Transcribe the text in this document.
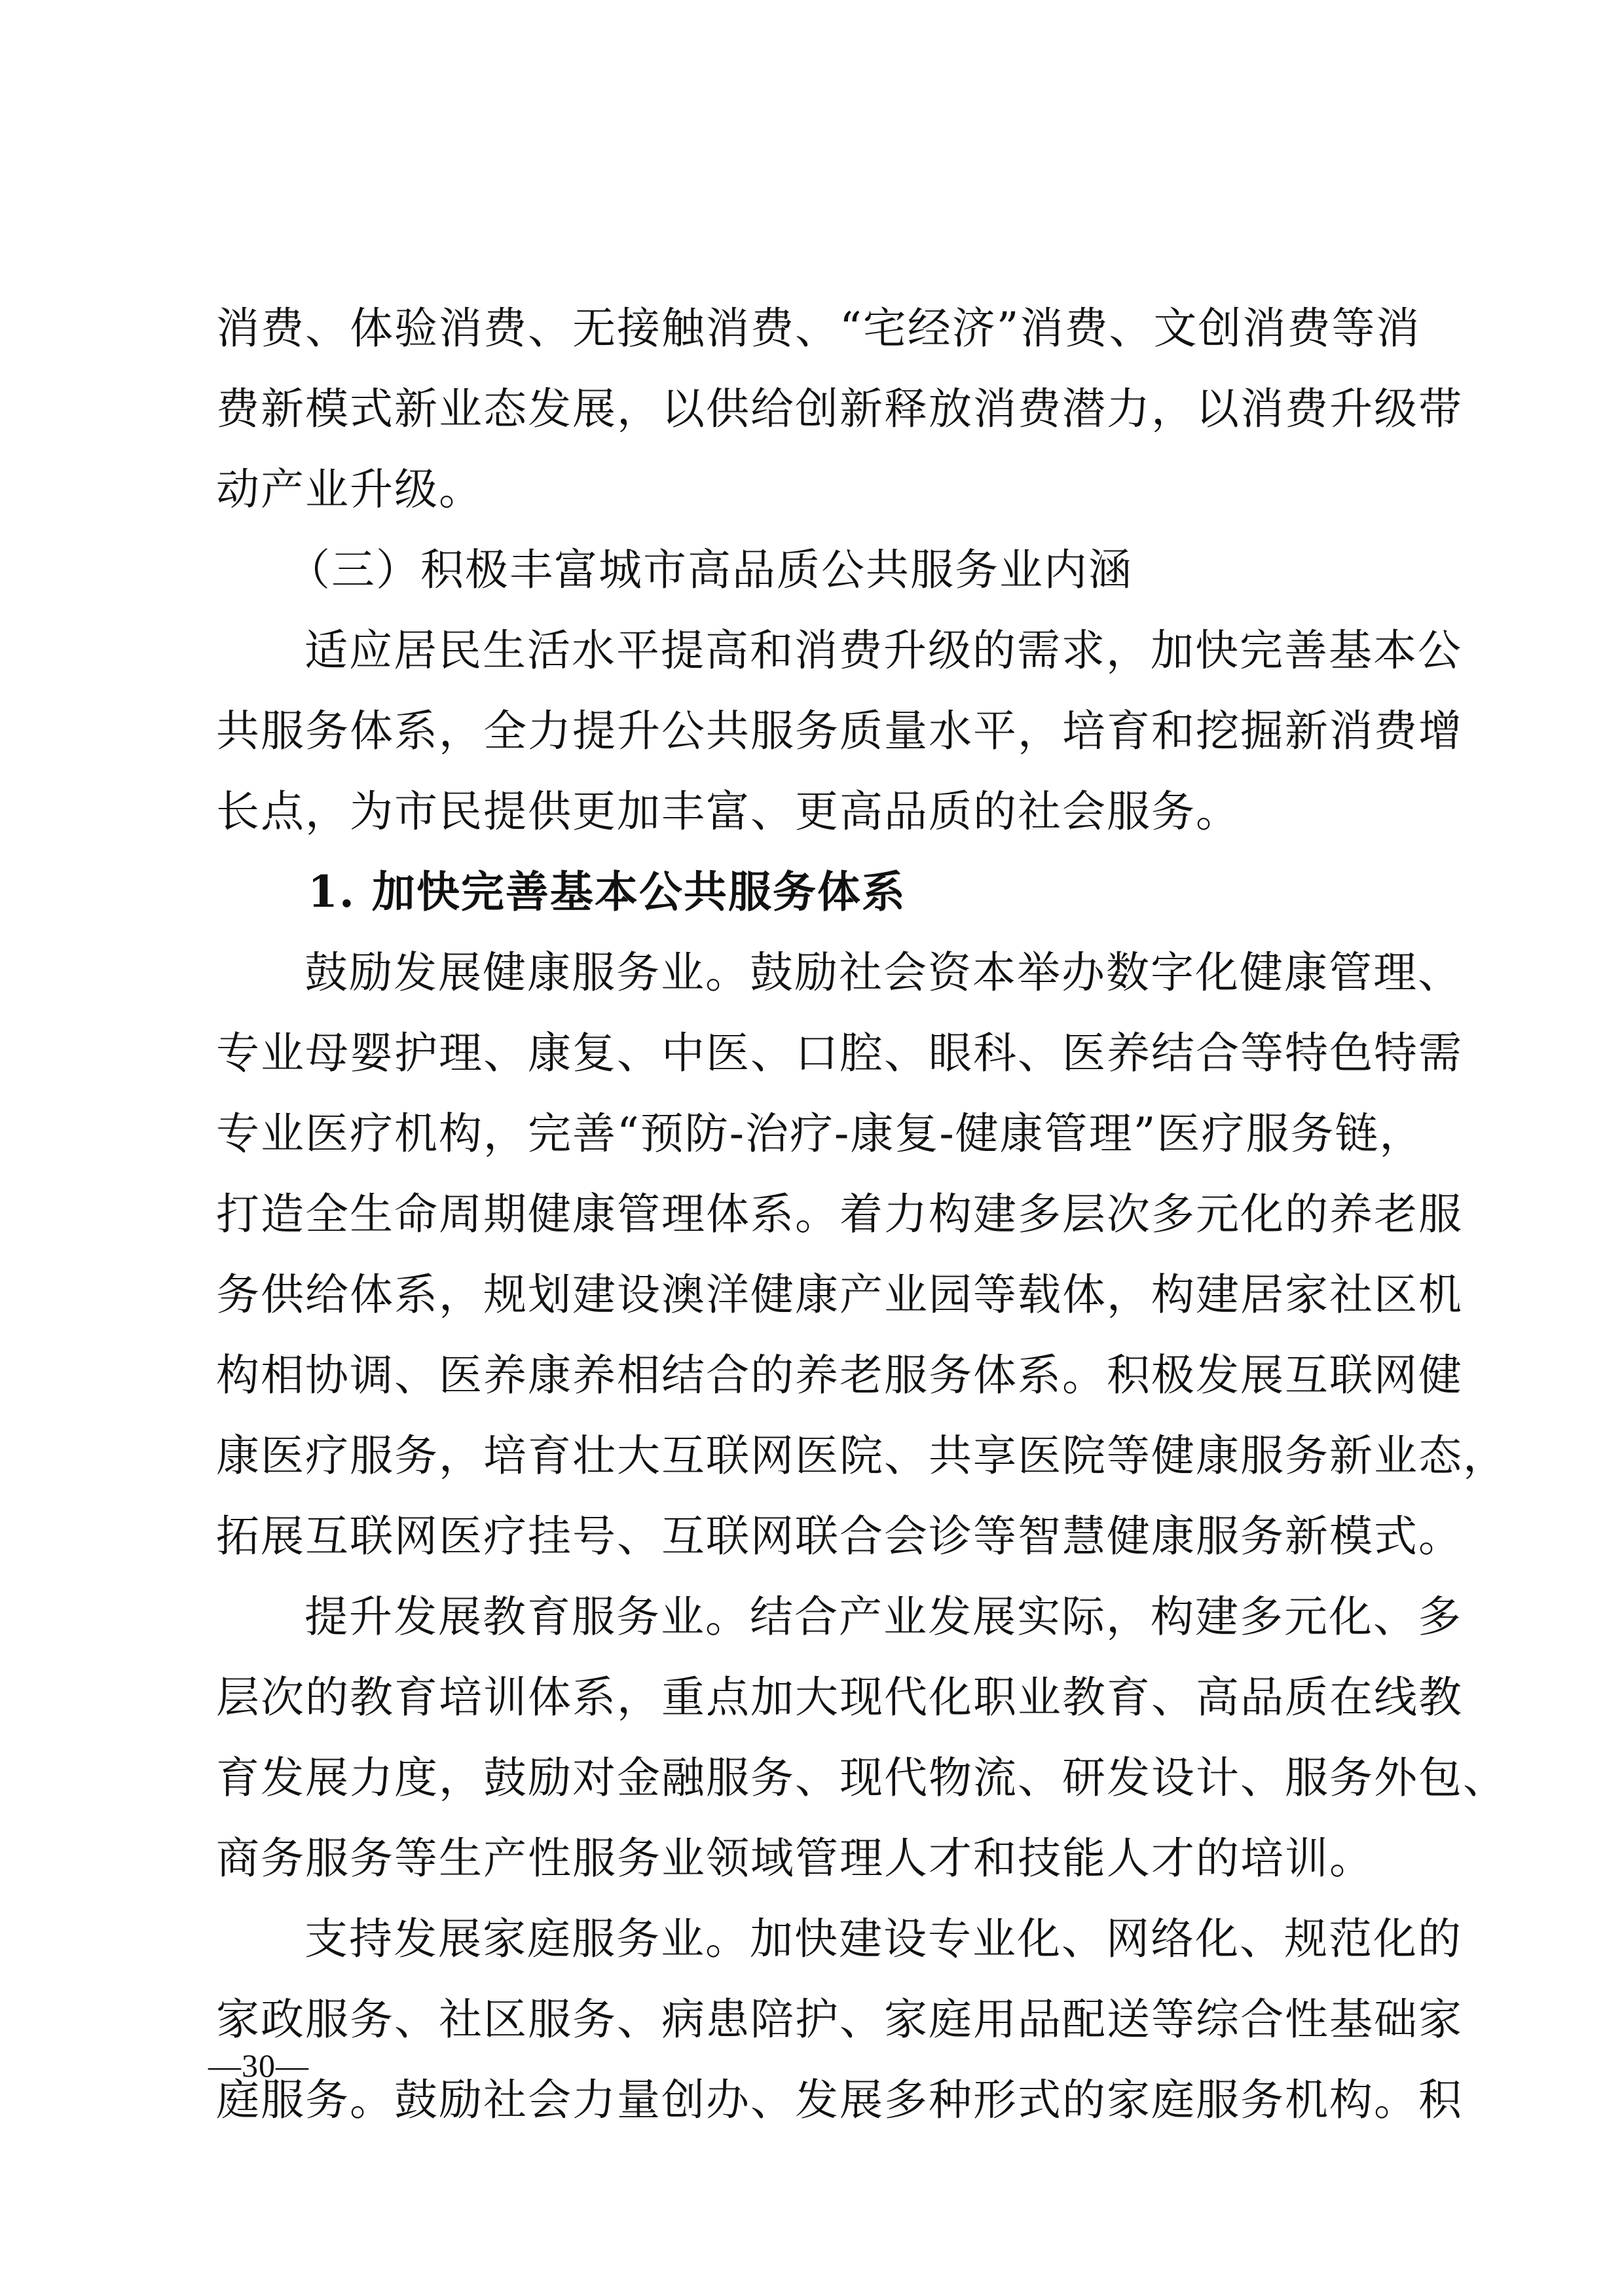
消费、体验消费、无接触消费、“宅经济”消费、文创消费等消
费新模式新业态发展，以供给创新释放消费潜力，以消费升级带
动产业升级。
（三）积极丰富城市高品质公共服务业内涵
适应居民生活水平提高和消费升级的需求，加快完善基本公
共服务体系，全力提升公共服务质量水平，培育和挖掘新消费增
长点，为市民提供更加丰富、更高品质的社会服务。
1. 加快完善基本公共服务体系
鼓励发展健康服务业。鼓励社会资本举办数字化健康管理、
专业母婴护理、康复、中医、口腔、眼科、医养结合等特色特需
专业医疗机构，完善“预防-治疗-康复-健康管理”医疗服务链，
打造全生命周期健康管理体系。着力构建多层次多元化的养老服
务供给体系，规划建设澳洋健康产业园等载体，构建居家社区机
构相协调、医养康养相结合的养老服务体系。积极发展互联网健
康医疗服务，培育壮大互联网医院、共享医院等健康服务新业态，
拓展互联网医疗挂号、互联网联合会诊等智慧健康服务新模式。
提升发展教育服务业。结合产业发展实际，构建多元化、多
层次的教育培训体系，重点加大现代化职业教育、高品质在线教
育发展力度，鼓励对金融服务、现代物流、研发设计、服务外包、
商务服务等生产性服务业领域管理人才和技能人才的培训。
支持发展家庭服务业。加快建设专业化、网络化、规范化的
家政服务、社区服务、病患陪护、家庭用品配送等综合性基础家
庭服务。鼓励社会力量创办、发展多种形式的家庭服务机构。积
—30—
